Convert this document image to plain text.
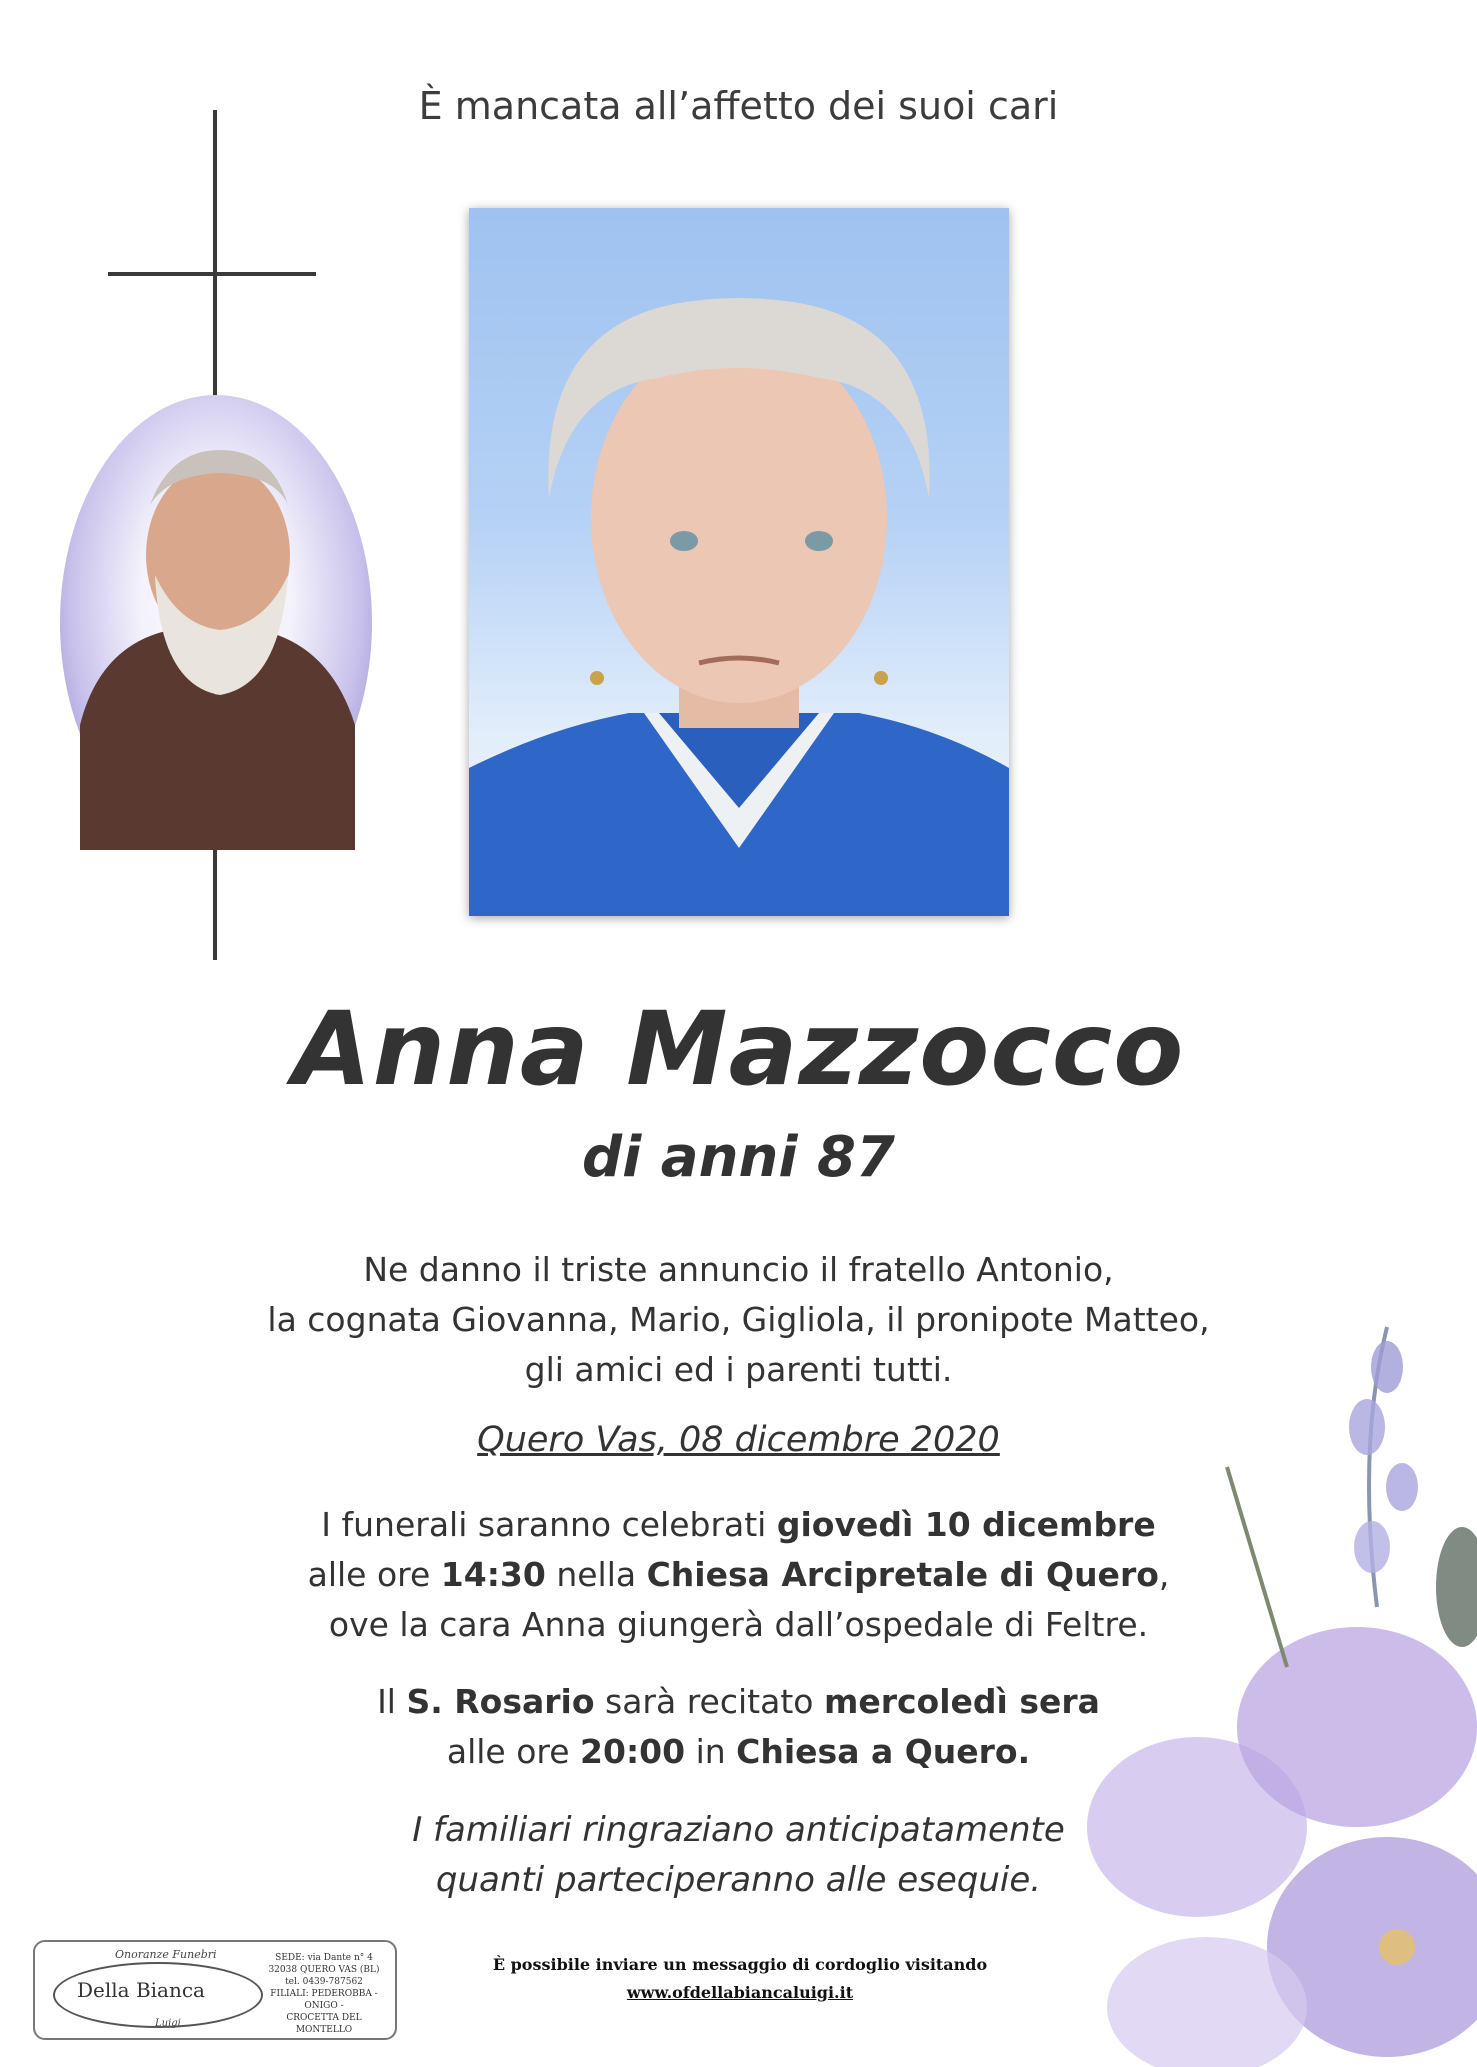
È mancata all’affetto dei suoi cari
Anna Mazzocco
di anni 87
Ne danno il triste annuncio il fratello Antonio,
la cognata Giovanna, Mario, Gigliola, il pronipote Matteo,
gli amici ed i parenti tutti.
Quero Vas, 08 dicembre 2020
I funerali saranno celebrati giovedì 10 dicembre
alle ore 14:30 nella Chiesa Arcipretale di Quero,
ove la cara Anna giungerà dall’ospedale di Feltre.
Il S. Rosario sarà recitato mercoledì sera
alle ore 20:00 in Chiesa a Quero.
I familiari ringraziano anticipatamente
quanti parteciperanno alle esequie.
Onoranze Funebri
Della Bianca
Luigi
SEDE: via Dante n° 4
32038 QUERO VAS (BL)
tel. 0439-787562
FILIALI: PEDEROBBA - ONIGO -
CROCETTA DEL MONTELLO
È possibile inviare un messaggio di cordoglio visitando
www.ofdellabiancaluigi.it
